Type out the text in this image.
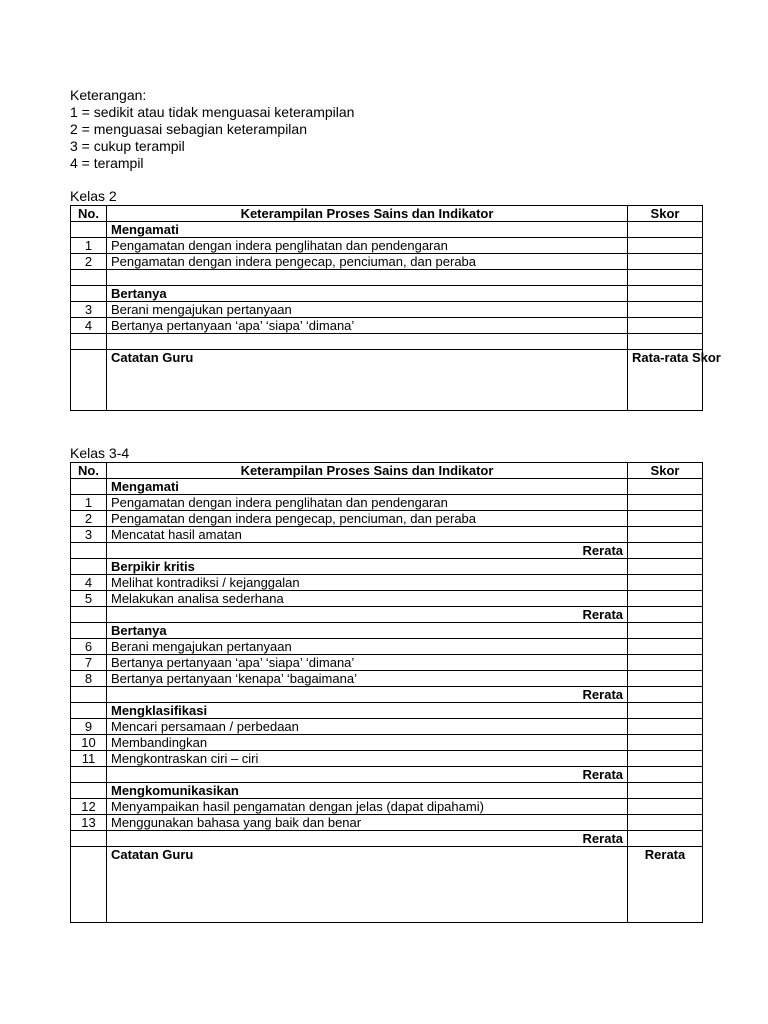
Keterangan:
1 = sedikit atau tidak menguasai keterampilan
2 = menguasai sebagian keterampilan
3 = cukup terampil
4 = terampil
Kelas 2
No.	Keterampilan Proses Sains dan Indikator	Skor
	Mengamati	
1	Pengamatan dengan indera penglihatan dan pendengaran	
2	Pengamatan dengan indera pengecap, penciuman, dan peraba	

	Bertanya	
3	Berani mengajukan pertanyaan	
4	Bertanya pertanyaan ‘apa’ ‘siapa’ ‘dimana’	

	Catatan Guru	Rata-rata Skor
Kelas 3-4
No.	Keterampilan Proses Sains dan Indikator	Skor
	Mengamati	
1	Pengamatan dengan indera penglihatan dan pendengaran	
2	Pengamatan dengan indera pengecap, penciuman, dan peraba	
3	Mencatat hasil amatan	
	Rerata	
	Berpikir kritis	
4	Melihat kontradiksi / kejanggalan	
5	Melakukan analisa sederhana	
	Rerata	
	Bertanya	
6	Berani mengajukan pertanyaan	
7	Bertanya pertanyaan ‘apa’ ‘siapa’ ‘dimana’	
8	Bertanya pertanyaan ‘kenapa’ ‘bagaimana’	
	Rerata	
	Mengklasifikasi	
9	Mencari persamaan / perbedaan	
10	Membandingkan	
11	Mengkontraskan ciri – ciri	
	Rerata	
	Mengkomunikasikan	
12	Menyampaikan hasil pengamatan dengan jelas (dapat dipahami)	
13	Menggunakan bahasa yang baik dan benar	
	Rerata	
	Catatan Guru	Rerata
